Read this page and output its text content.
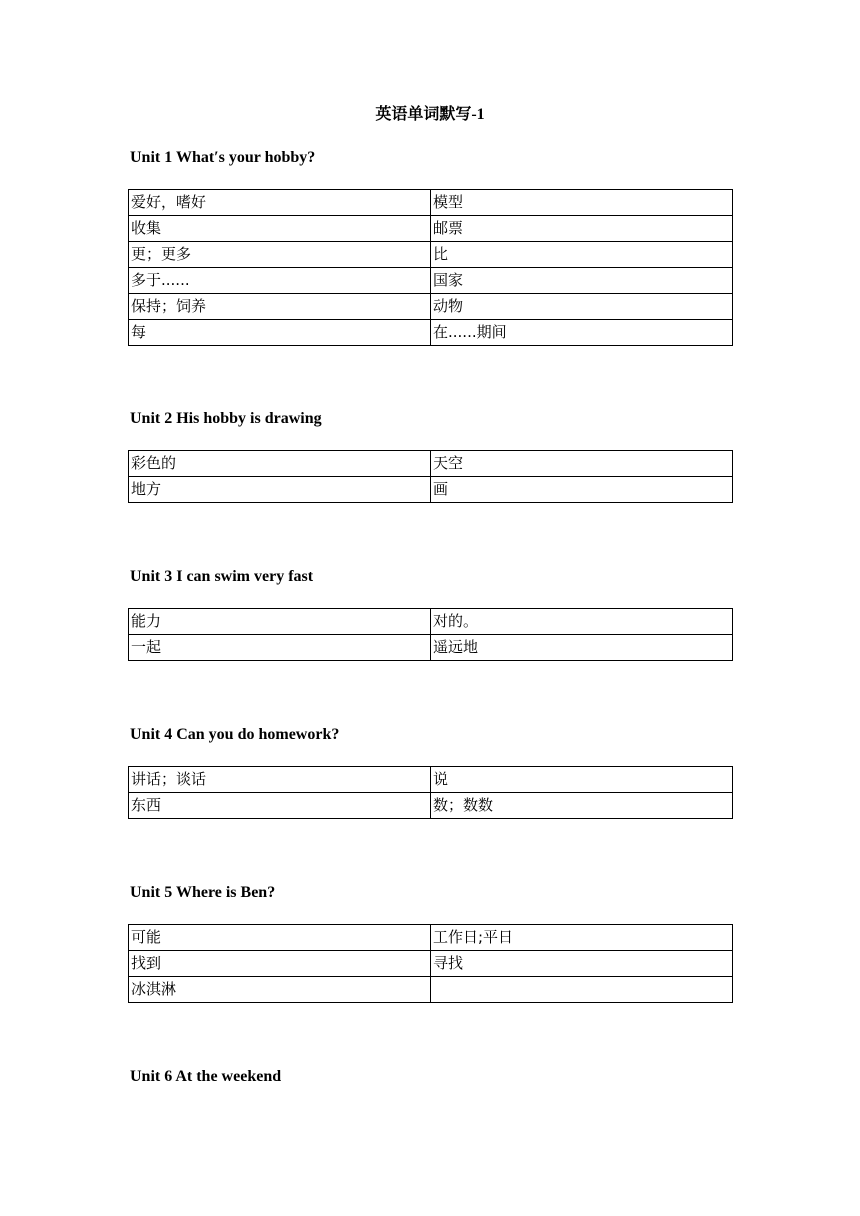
英语单词默写-1
Unit 1 What′s your hobby?
爱好，嗜好	模型
收集	邮票
更；更多	比
多于......	国家
保持；饲养	动物
每	在......期间
Unit 2 His hobby is drawing
彩色的	天空
地方	画
Unit 3 I can swim very fast
能力	对的。
一起	遥远地
Unit 4 Can you do homework?
讲话；谈话	说
东西	数；数数
Unit 5 Where is Ben?
可能	工作日;平日
找到	寻找
冰淇淋	
Unit 6 At the weekend
